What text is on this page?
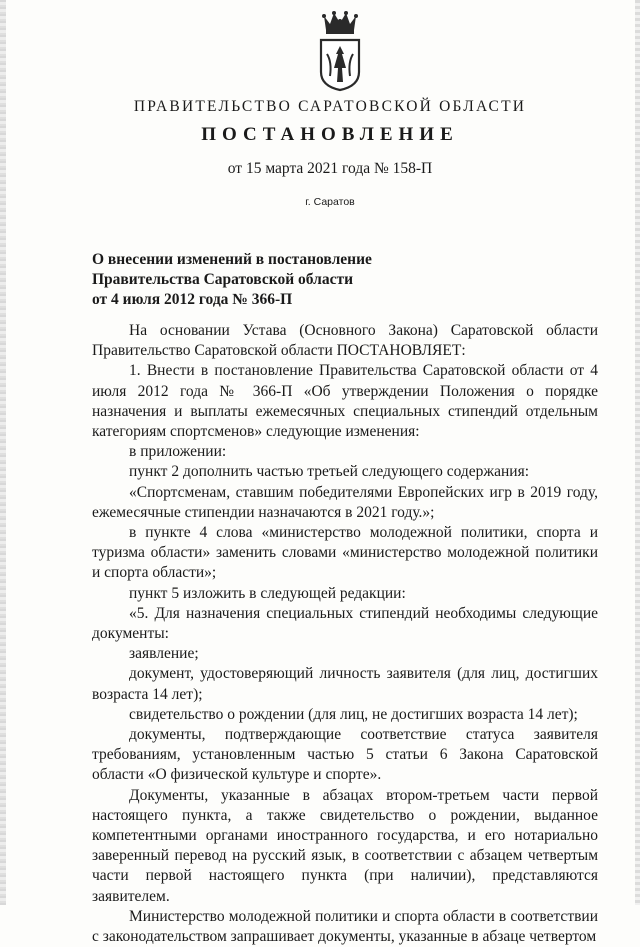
ПРАВИТЕЛЬСТВО САРАТОВСКОЙ ОБЛАСТИ
ПОСТАНОВЛЕНИЕ
от 15 марта 2021 года № 158-П
г. Саратов
О внесении изменений в постановление
Правительства Саратовской области
от 4 июля 2012 года № 366-П

На основании Устава (Основного Закона) Саратовской области Правительство Саратовской области ПОСТАНОВЛЯЕТ:

1. Внести в постановление Правительства Саратовской области от 4 июля 2012 года № 366-П «Об утверждении Положения о порядке назначения и выплаты ежемесячных специальных стипендий отдельным категориям спортсменов» следующие изменения:

в приложении:

пункт 2 дополнить частью третьей следующего содержания:

«Спортсменам, ставшим победителями Европейских игр в 2019 году, ежемесячные стипендии назначаются в 2021 году.»;

в пункте 4 слова «министерство молодежной политики, спорта и туризма области» заменить словами «министерство молодежной политики и спорта области»;

пункт 5 изложить в следующей редакции:

«5. Для назначения специальных стипендий необходимы следующие документы:

заявление;

документ, удостоверяющий личность заявителя (для лиц, достигших возраста 14 лет);

свидетельство о рождении (для лиц, не достигших возраста 14 лет);

документы, подтверждающие соответствие статуса заявителя требованиям, установленным частью 5 статьи 6 Закона Саратовской области «О физической культуре и спорте».

Документы, указанные в абзацах втором-третьем части первой настоящего пункта, а также свидетельство о рождении, выданное компетентными органами иностранного государства, и его нотариально заверенный перевод на русский язык, в соответствии с абзацем четвертым части первой настоящего пункта (при наличии), представляются заявителем.

Министерство молодежной политики и спорта области в соответствии с законодательством запрашивает документы, указанные в абзаце четвертом
